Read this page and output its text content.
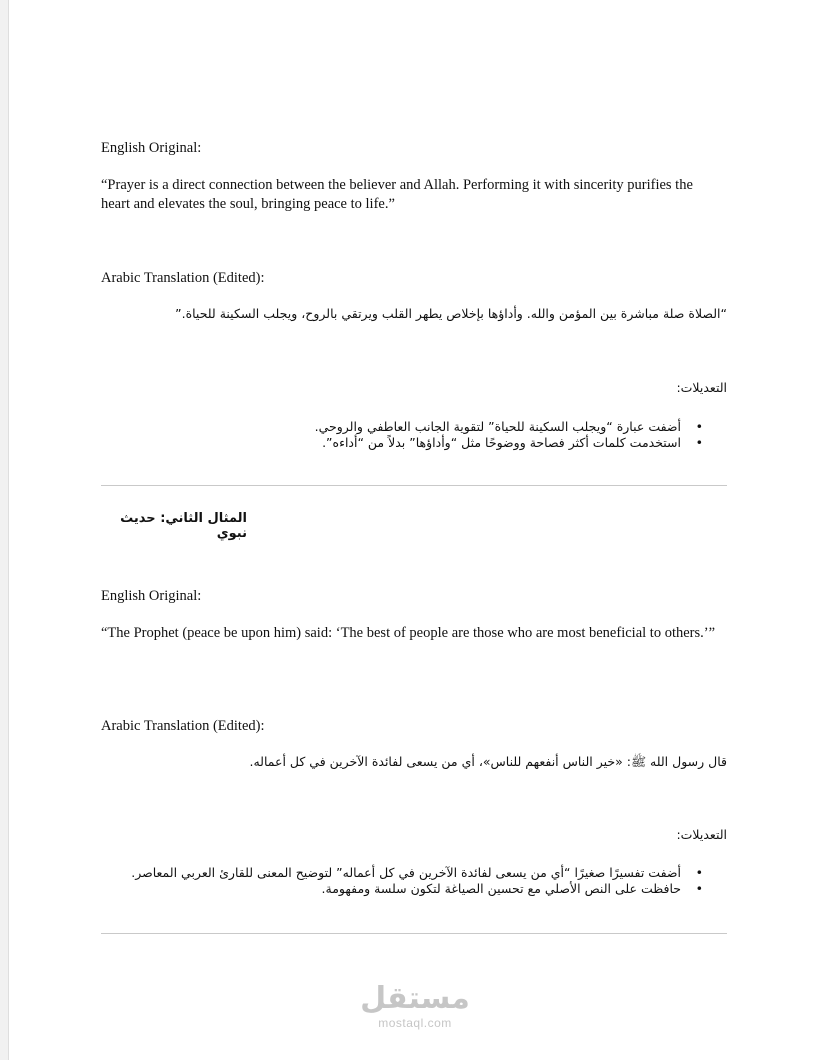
English Original:
“Prayer is a direct connection between the believer and Allah. Performing it with sincerity purifies the heart and elevates the soul, bringing peace to life.”
Arabic Translation (Edited):
“الصلاة صلة مباشرة بين المؤمن والله. وأداؤها بإخلاص يطهر القلب ويرتقي بالروح، ويجلب السكينة للحياة.”
التعديلات:
•
أضفت عبارة “ويجلب السكينة للحياة” لتقوية الجانب العاطفي والروحي.
•
استخدمت كلمات أكثر فصاحة ووضوحًا مثل “وأداؤها” بدلاً من “أداءه”.
المثال الثاني: حديث نبوي
English Original:
“The Prophet (peace be upon him) said: ‘The best of people are those who are most beneficial to others.’”
Arabic Translation (Edited):
قال رسول الله ﷺ: «خير الناس أنفعهم للناس»، أي من يسعى لفائدة الآخرين في كل أعماله.
التعديلات:
•
أضفت تفسيرًا صغيرًا “أي من يسعى لفائدة الآخرين في كل أعماله” لتوضيح المعنى للقارئ العربي المعاصر.
•
حافظت على النص الأصلي مع تحسين الصياغة لتكون سلسة ومفهومة.
مستقل
mostaql.com
